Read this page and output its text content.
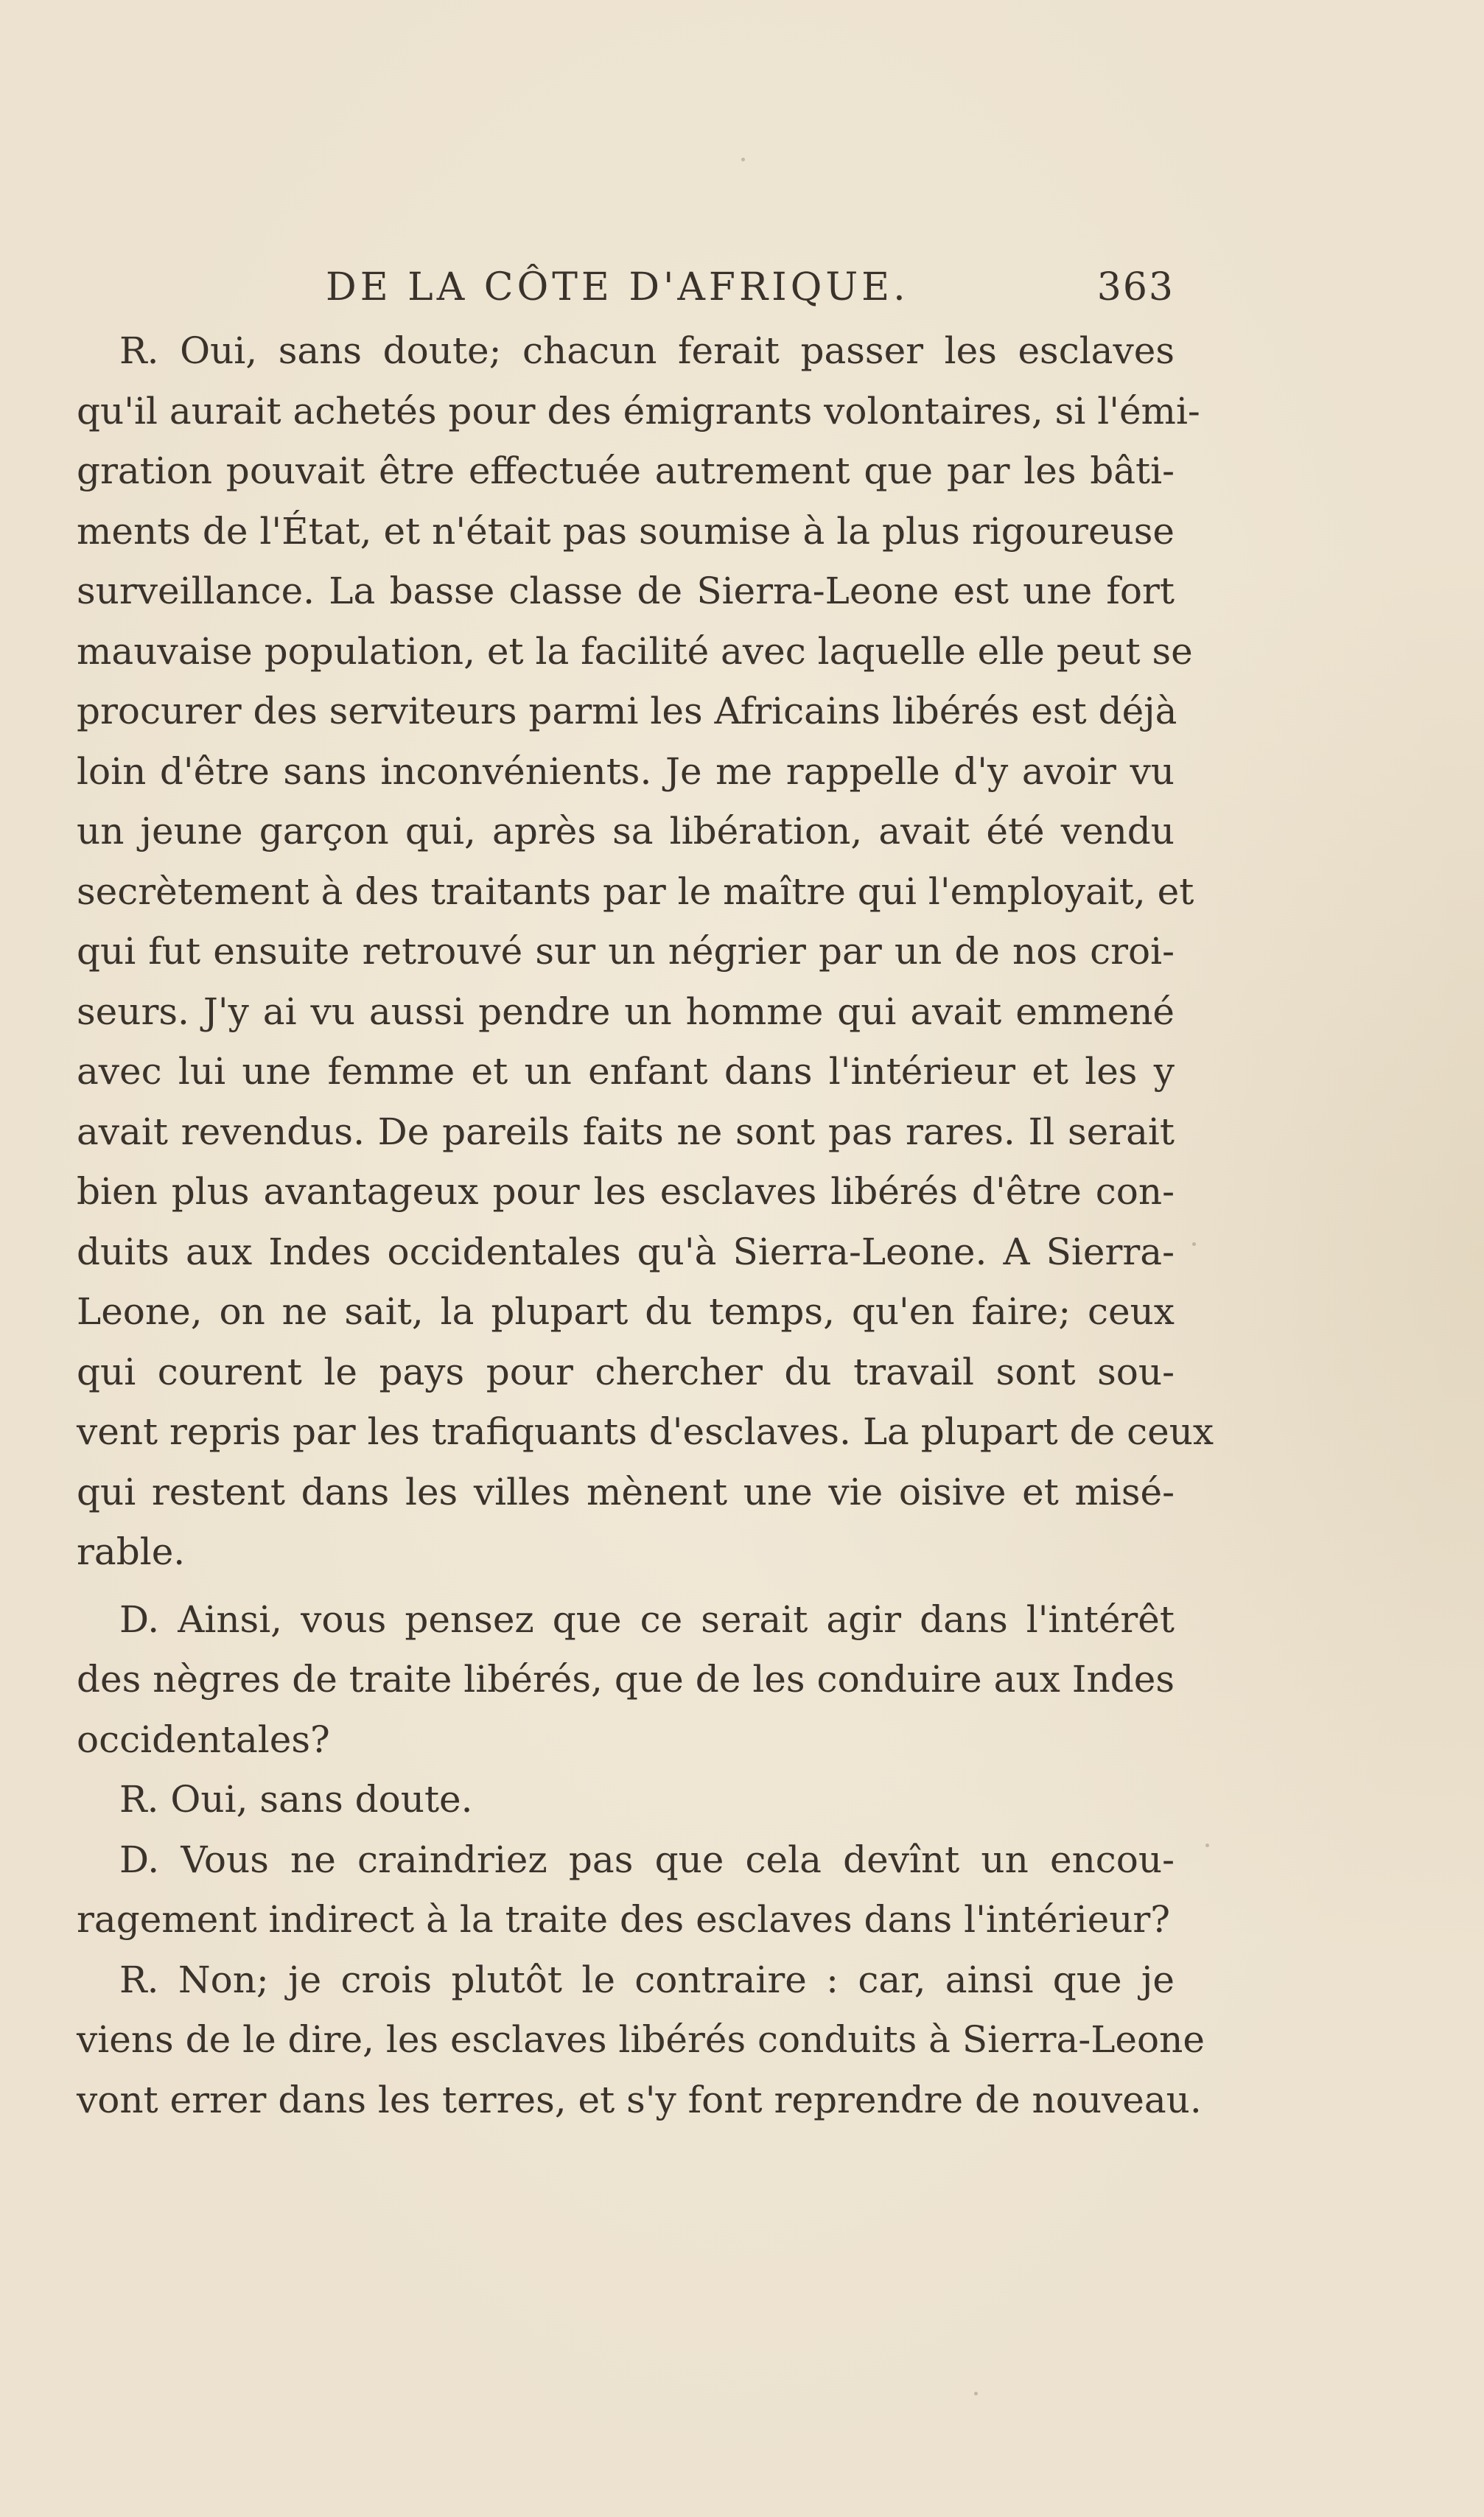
DE LA CÔTE D'AFRIQUE.	363
R. Oui, sans doute; chacun ferait passer les esclaves
qu'il aurait achetés pour des émigrants volontaires, si l'émi-
gration pouvait être effectuée autrement que par les bâti-
ments de l'État, et n'était pas soumise à la plus rigoureuse
surveillance. La basse classe de Sierra-Leone est une fort
mauvaise population, et la facilité avec laquelle elle peut se
procurer des serviteurs parmi les Africains libérés est déjà
loin d'être sans inconvénients. Je me rappelle d'y avoir vu
un jeune garçon qui, après sa libération, avait été vendu
secrètement à des traitants par le maître qui l'employait, et
qui fut ensuite retrouvé sur un négrier par un de nos croi-
seurs. J'y ai vu aussi pendre un homme qui avait emmené
avec lui une femme et un enfant dans l'intérieur et les y
avait revendus. De pareils faits ne sont pas rares. Il serait
bien plus avantageux pour les esclaves libérés d'être con-
duits aux Indes occidentales qu'à Sierra-Leone. A Sierra-
Leone, on ne sait, la plupart du temps, qu'en faire; ceux
qui courent le pays pour chercher du travail sont sou-
vent repris par les trafiquants d'esclaves. La plupart de ceux
qui restent dans les villes mènent une vie oisive et misé-
rable.
D. Ainsi, vous pensez que ce serait agir dans l'intérêt
des nègres de traite libérés, que de les conduire aux Indes
occidentales?
R. Oui, sans doute.
D. Vous ne craindriez pas que cela devînt un encou-
ragement indirect à la traite des esclaves dans l'intérieur?
R. Non; je crois plutôt le contraire : car, ainsi que je
viens de le dire, les esclaves libérés conduits à Sierra-Leone
vont errer dans les terres, et s'y font reprendre de nouveau.
